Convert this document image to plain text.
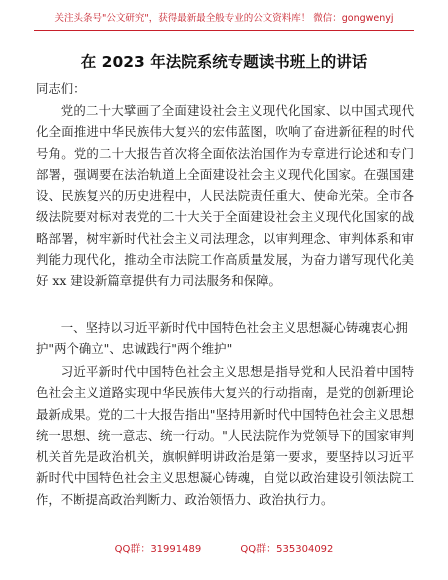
关注头条号"公文研究"，获得最新最全般专业的公文资料库！ 微信：gongwenyj
在 2023 年法院系统专题读书班上的讲话
同志们：
党的二十大擘画了全面建设社会主义现代化国家、以中国式现代化全面推进中华民族伟大复兴的宏伟蓝图，吹响了奋进新征程的时代号角。党的二十大报告首次将全面依法治国作为专章进行论述和专门部署，强调要在法治轨道上全面建设社会主义现代化国家。在强国建设、民族复兴的历史进程中，人民法院责任重大、使命光荣。全市各级法院要对标对表党的二十大关于全面建设社会主义现代化国家的战略部署，树牢新时代社会主义司法理念，以审判理念、审判体系和审判能力现代化，推动全市法院工作高质量发展，为奋力谱写现代化美好 xx 建设新篇章提供有力司法服务和保障。
一、坚持以习近平新时代中国特色社会主义思想凝心铸魂衷心拥护"两个确立"、忠诚践行"两个维护"
习近平新时代中国特色社会主义思想是指导党和人民沿着中国特色社会主义道路实现中华民族伟大复兴的行动指南，是党的创新理论最新成果。党的二十大报告指出"坚持用新时代中国特色社会主义思想统一思想、统一意志、统一行动。"人民法院作为党领导下的国家审判机关首先是政治机关，旗帜鲜明讲政治是第一要求，要坚持以习近平新时代中国特色社会主义思想凝心铸魂，自觉以政治建设引领法院工作，不断提高政治判断力、政治领悟力、政治执行力。
QQ群：31991489	QQ群：535304092
